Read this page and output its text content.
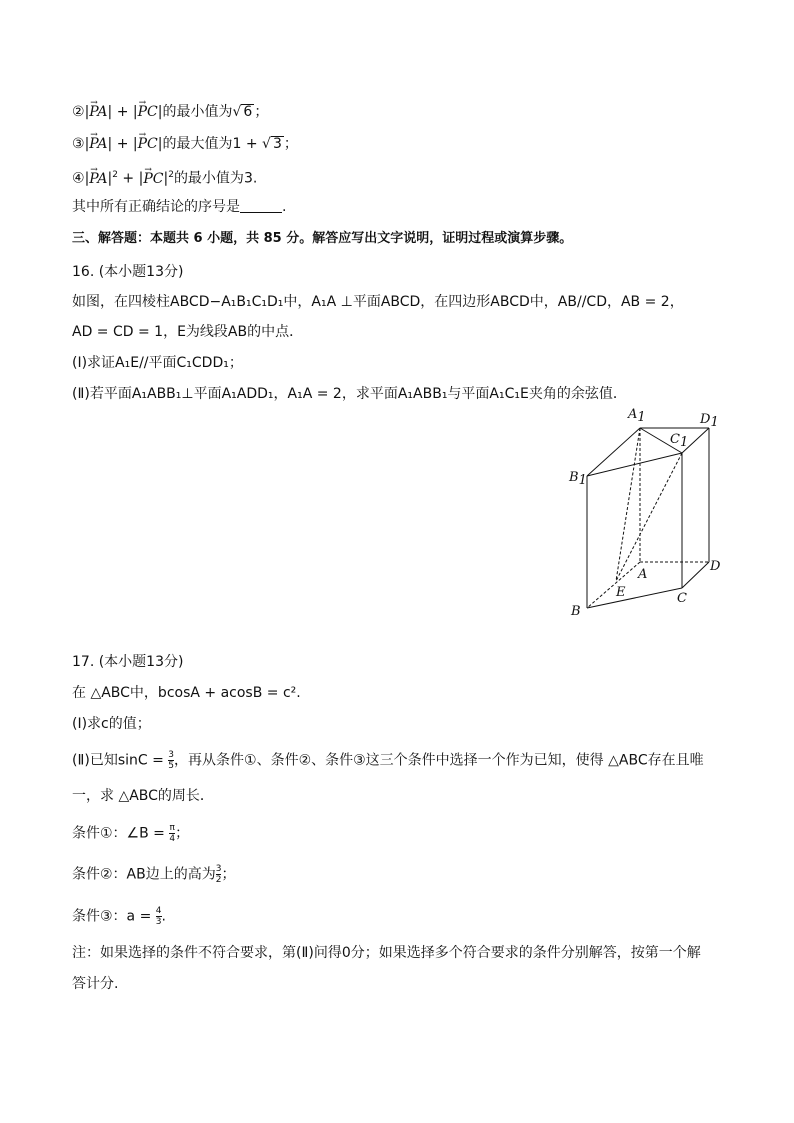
②|→ PA| + |→ PC|的最小值为√ 6 ；
③|→ PA| + |→ PC|的最大值为1 + √ 3 ；
④|→ $PA|^2$ + |→ $PC|^2$的最小值为3.
其中所有正确结论的序号是	.
三、解答题：本题共 6 小题，共 85 分。解答应写出文字说明，证明过程或演算步骤。
16. (本小题13分)
如图，在四棱柱ABCD−A₁B₁C₁D₁中，A₁A ⊥平面ABCD，在四边形ABCD中，AB//CD，AB = 2，
AD = CD = 1，E为线段AB的中点．
(Ⅰ)求证A₁E//平面C₁CDD₁；
(Ⅱ)若平面A₁ABB₁⊥平面A₁ADD₁，A₁A = 2，求平面A₁ABB₁与平面A₁C₁E夹角的余弦值．
A1	D1
C1
B1
A
D
E	C
B
17. (本小题13分)
在 △ABC中，bcosA + acosB = c².
(Ⅰ)求c的值；
(Ⅱ)已知$\sin C = \frac{3}{5}$ ，再从条件①、条件②、条件③这三个条件中选择一个作为已知，使得 △ABC存在且唯
一，求 △ABC的周长．
条件①：∠B = $\frac{\pi}{4}$ ；
条件②：AB边上的高为 $\frac{3}{2}$ ；
条件③：$a = \frac{4}{3}$ .
注：如果选择的条件不符合要求，第(Ⅱ)问得0分；如果选择多个符合要求的条件分别解答，按第一个解
答计分.
